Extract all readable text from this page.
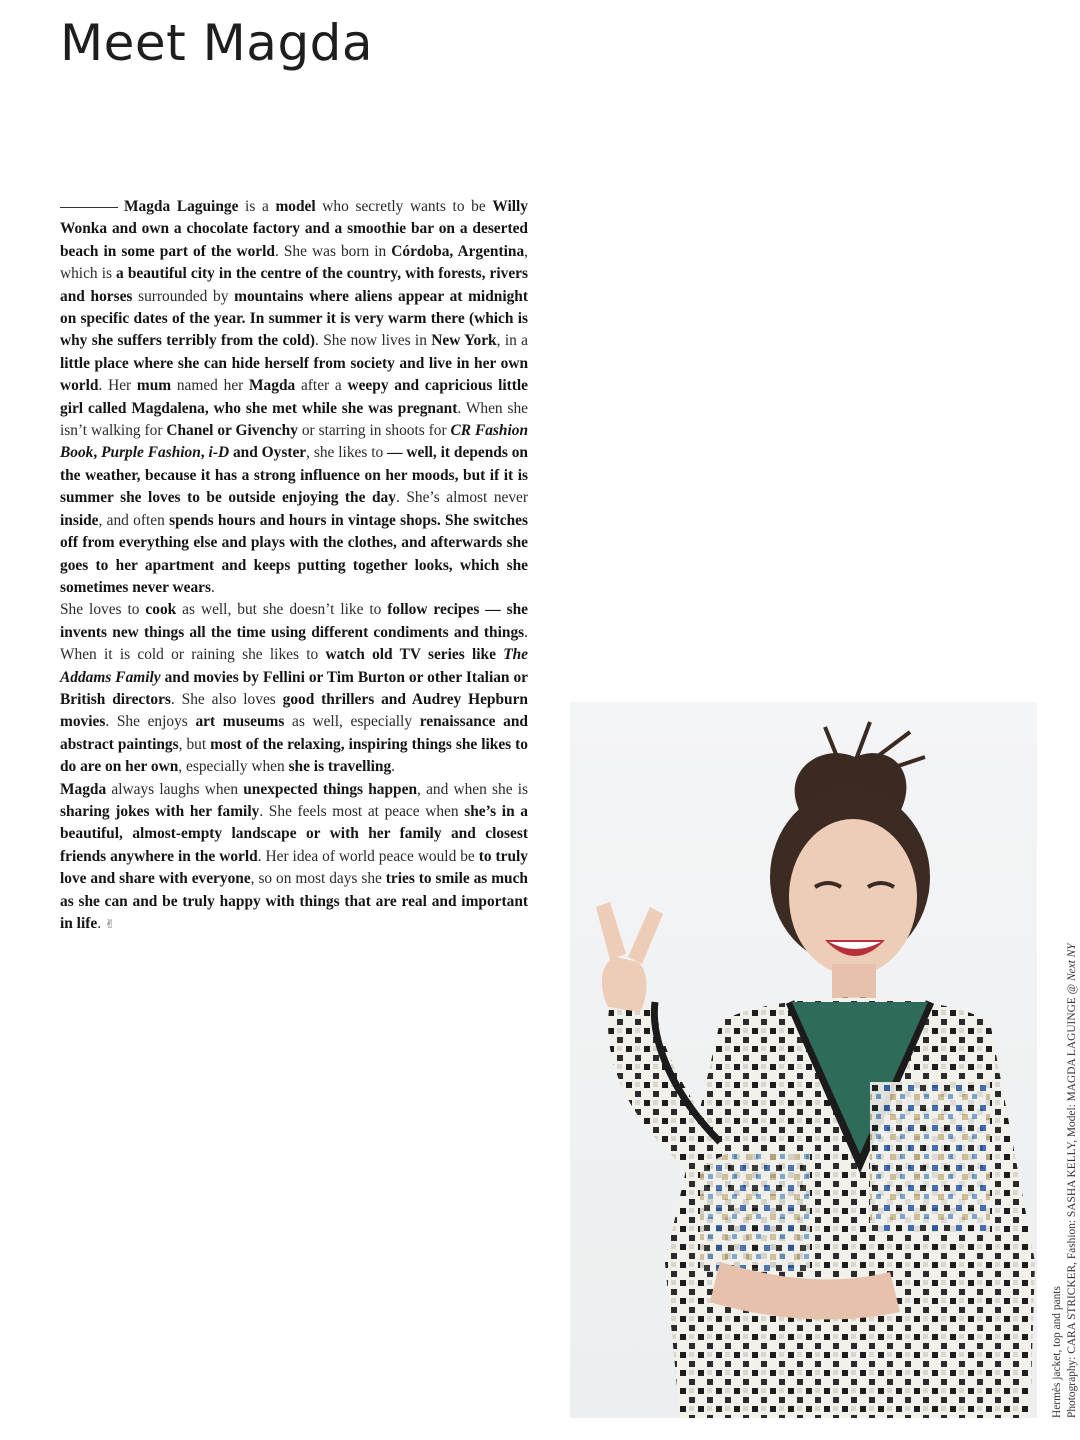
Meet Magda

Magda Laguinge is a model who secretly wants to be Willy Wonka and own a chocolate factory and a smoothie bar on a deserted beach in some part of the world. She was born in Córdoba, Argentina, which is a beautiful city in the centre of the country, with forests, rivers and horses surrounded by mountains where aliens appear at midnight on specific dates of the year. In summer it is very warm there (which is why she suffers terribly from the cold). She now lives in New York, in a little place where she can hide herself from society and live in her own world. Her mum named her Magda after a weepy and capricious little girl called Magdalena, who she met while she was pregnant. When she isn’t walking for Chanel or Givenchy or starring in shoots for CR Fashion Book, Purple Fashion, i-D and Oyster, she likes to — well, it depends on the weather, because it has a strong influence on her moods, but if it is summer she loves to be outside enjoying the day. She’s almost never inside, and often spends hours and hours in vintage shops. She switches off from everything else and plays with the clothes, and afterwards she goes to her apartment and keeps putting together looks, which she sometimes never wears.

She loves to cook as well, but she doesn’t like to follow recipes — she invents new things all the time using different condiments and things. When it is cold or raining she likes to watch old TV series like The Addams Family and movies by Fellini or Tim Burton or other Italian or British directors. She also loves good thrillers and Audrey Hepburn movies. She enjoys art museums as well, especially renaissance and abstract paintings, but most of the relaxing, inspiring things she likes to do are on her own, especially when she is travelling.

Magda always laughs when unexpected things happen, and when she is sharing jokes with her family. She feels most at peace when she’s in a beautiful, almost-empty landscape or with her family and closest friends anywhere in the world. Her idea of world peace would be to truly love and share with everyone, so on most days she tries to smile as much as she can and be truly happy with things that are real and important in life. ✌

Hermès jacket, top and pants Photography: CARA STRICKER, Fashion: SASHA KELLY, Model: MAGDA LAGUINGE @ Next NY
